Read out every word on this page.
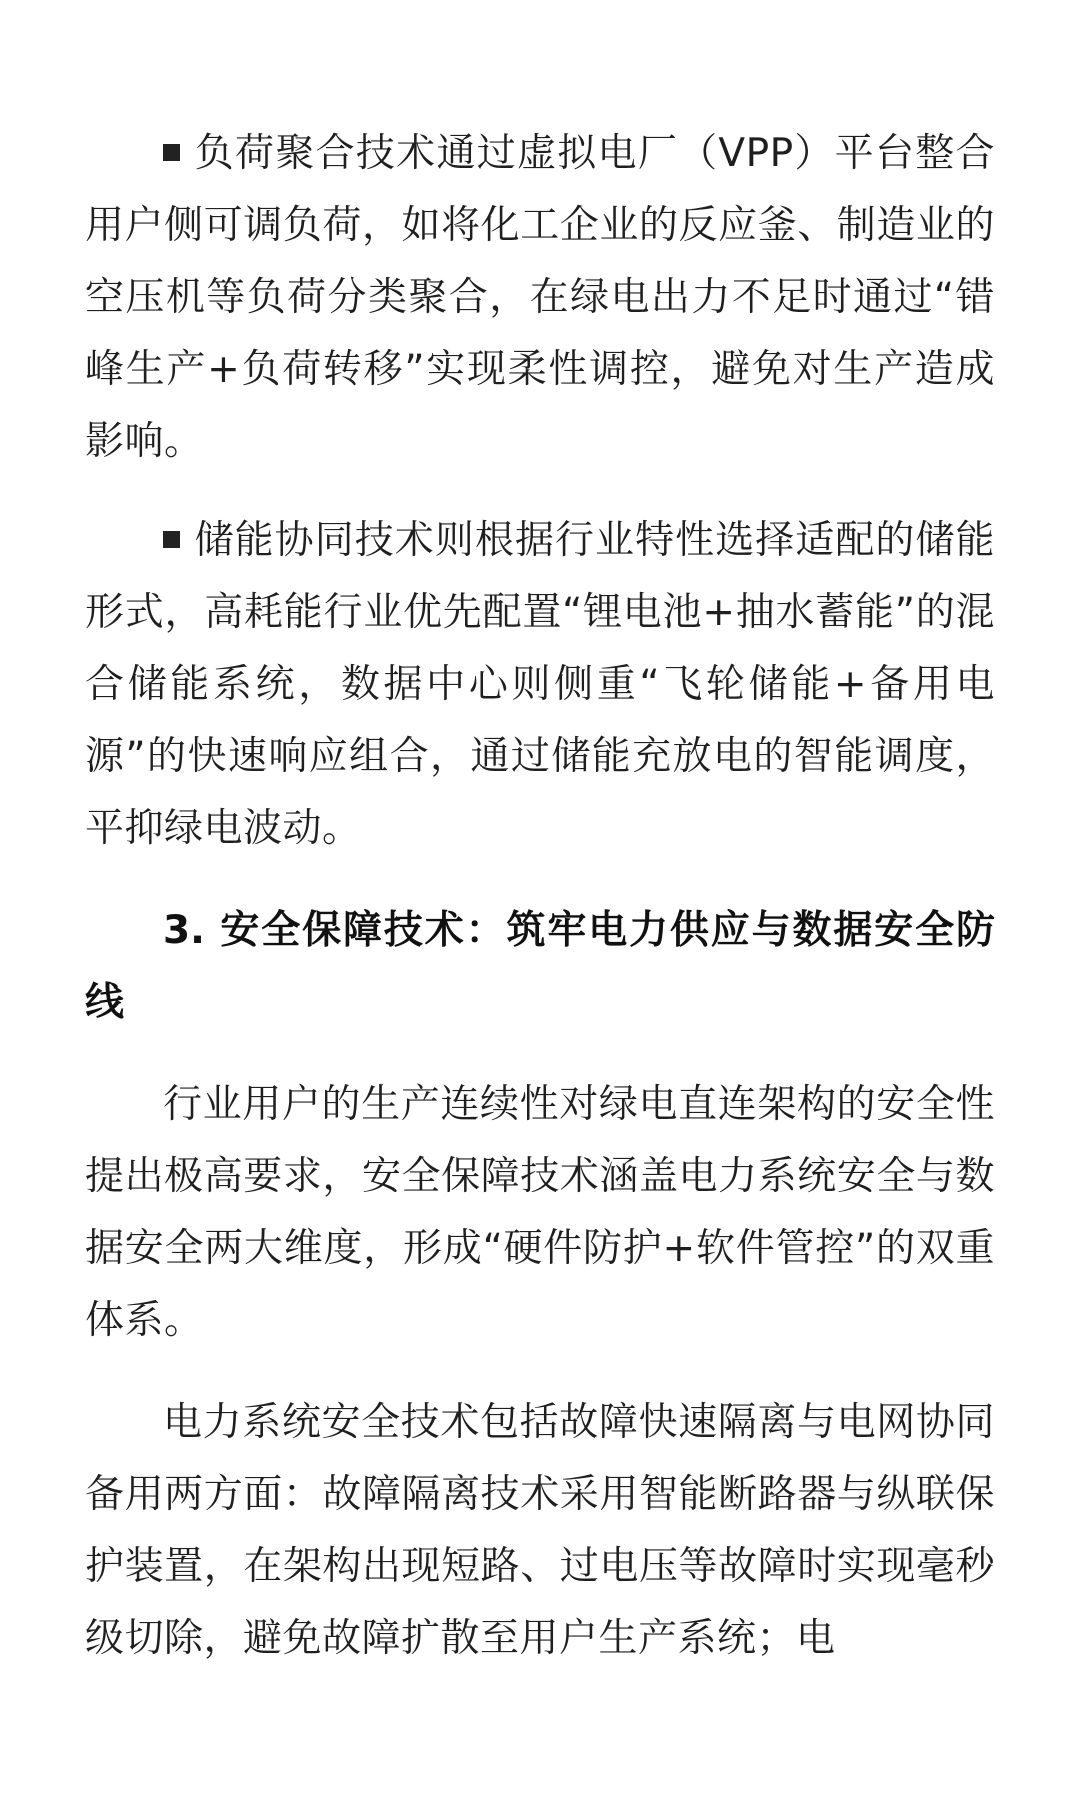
负荷聚合技术通过虚拟电厂（VPP）平台整合用户侧可调负荷，如将化工企业的反应釜、制造业的空压机等负荷分类聚合，在绿电出力不足时通过“错峰生产+负荷转移”实现柔性调控，避免对生产造成影响。

储能协同技术则根据行业特性选择适配的储能形式，高耗能行业优先配置“锂电池+抽水蓄能”的混合储能系统，数据中心则侧重“飞轮储能+备用电源”的快速响应组合，通过储能充放电的智能调度，平抑绿电波动。

3. 安全保障技术：筑牢电力供应与数据安全防线

行业用户的生产连续性对绿电直连架构的安全性提出极高要求，安全保障技术涵盖电力系统安全与数据安全两大维度，形成“硬件防护+软件管控”的双重体系。

电力系统安全技术包括故障快速隔离与电网协同备用两方面：故障隔离技术采用智能断路器与纵联保护装置，在架构出现短路、过电压等故障时实现毫秒级切除，避免故障扩散至用户生产系统；电
